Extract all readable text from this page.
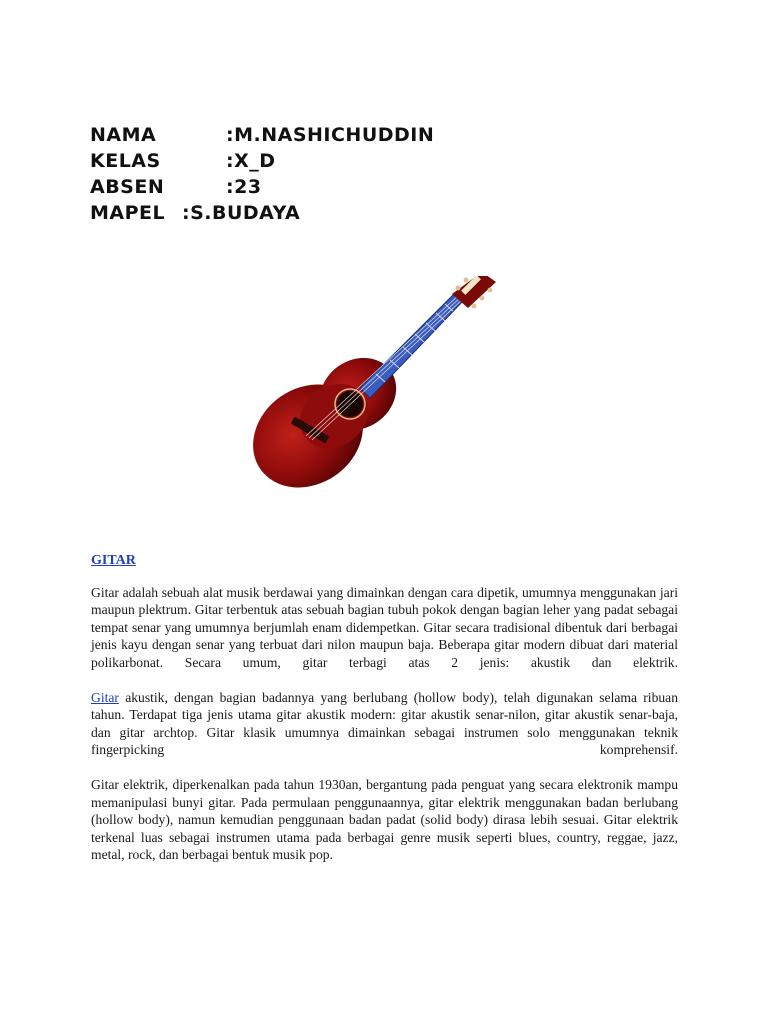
NAMA	:M.NASHICHUDDIN
KELAS	:X_D
ABSEN	:23
MAPEL :S.BUDAYA
GITAR

Gitar adalah sebuah alat musik berdawai yang dimainkan dengan cara dipetik, umumnya menggunakan jari maupun plektrum. Gitar terbentuk atas sebuah bagian tubuh pokok dengan bagian leher yang padat sebagai tempat senar yang umumnya berjumlah enam didempetkan. Gitar secara tradisional dibentuk dari berbagai jenis kayu dengan senar yang terbuat dari nilon maupun baja. Beberapa gitar modern dibuat dari material polikarbonat. Secara umum, gitar terbagi atas 2 jenis: akustik dan elektrik.

Gitar akustik, dengan bagian badannya yang berlubang (hollow body), telah digunakan selama ribuan tahun. Terdapat tiga jenis utama gitar akustik modern: gitar akustik senar-nilon, gitar akustik senar-baja, dan gitar archtop. Gitar klasik umumnya dimainkan sebagai instrumen solo menggunakan teknik fingerpicking komprehensif.

Gitar elektrik, diperkenalkan pada tahun 1930an, bergantung pada penguat yang secara elektronik mampu memanipulasi bunyi gitar. Pada permulaan penggunaannya, gitar elektrik menggunakan badan berlubang (hollow body), namun kemudian penggunaan badan padat (solid body) dirasa lebih sesuai. Gitar elektrik terkenal luas sebagai instrumen utama pada berbagai genre musik seperti blues, country, reggae, jazz, metal, rock, dan berbagai bentuk musik pop.
